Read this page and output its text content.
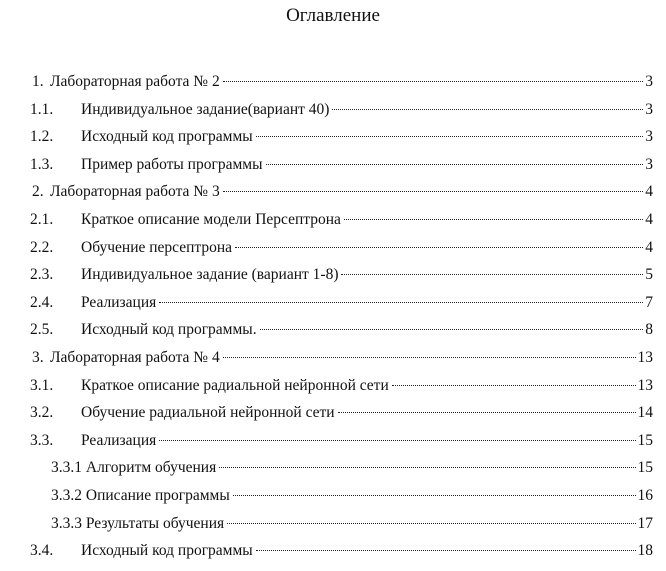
Оглавление
1. Лабораторная работа № 2	3
1.1. Индивидуальное задание(вариант 40)	3
1.2. Исходный код программы	3
1.3. Пример работы программы	3
2. Лабораторная работа № 3	4
2.1. Краткое описание модели Персептрона	4
2.2. Обучение персептрона	4
2.3. Индивидуальное задание (вариант 1-8)	5
2.4. Реализация	7
2.5. Исходный код программы.	8
3. Лабораторная работа № 4	13
3.1. Краткое описание радиальной нейронной сети	13
3.2. Обучение радиальной нейронной сети	14
3.3. Реализация	15
3.3.1 Алгоритм обучения	15
3.3.2 Описание программы	16
3.3.3 Результаты обучения	17
3.4. Исходный код программы	18
